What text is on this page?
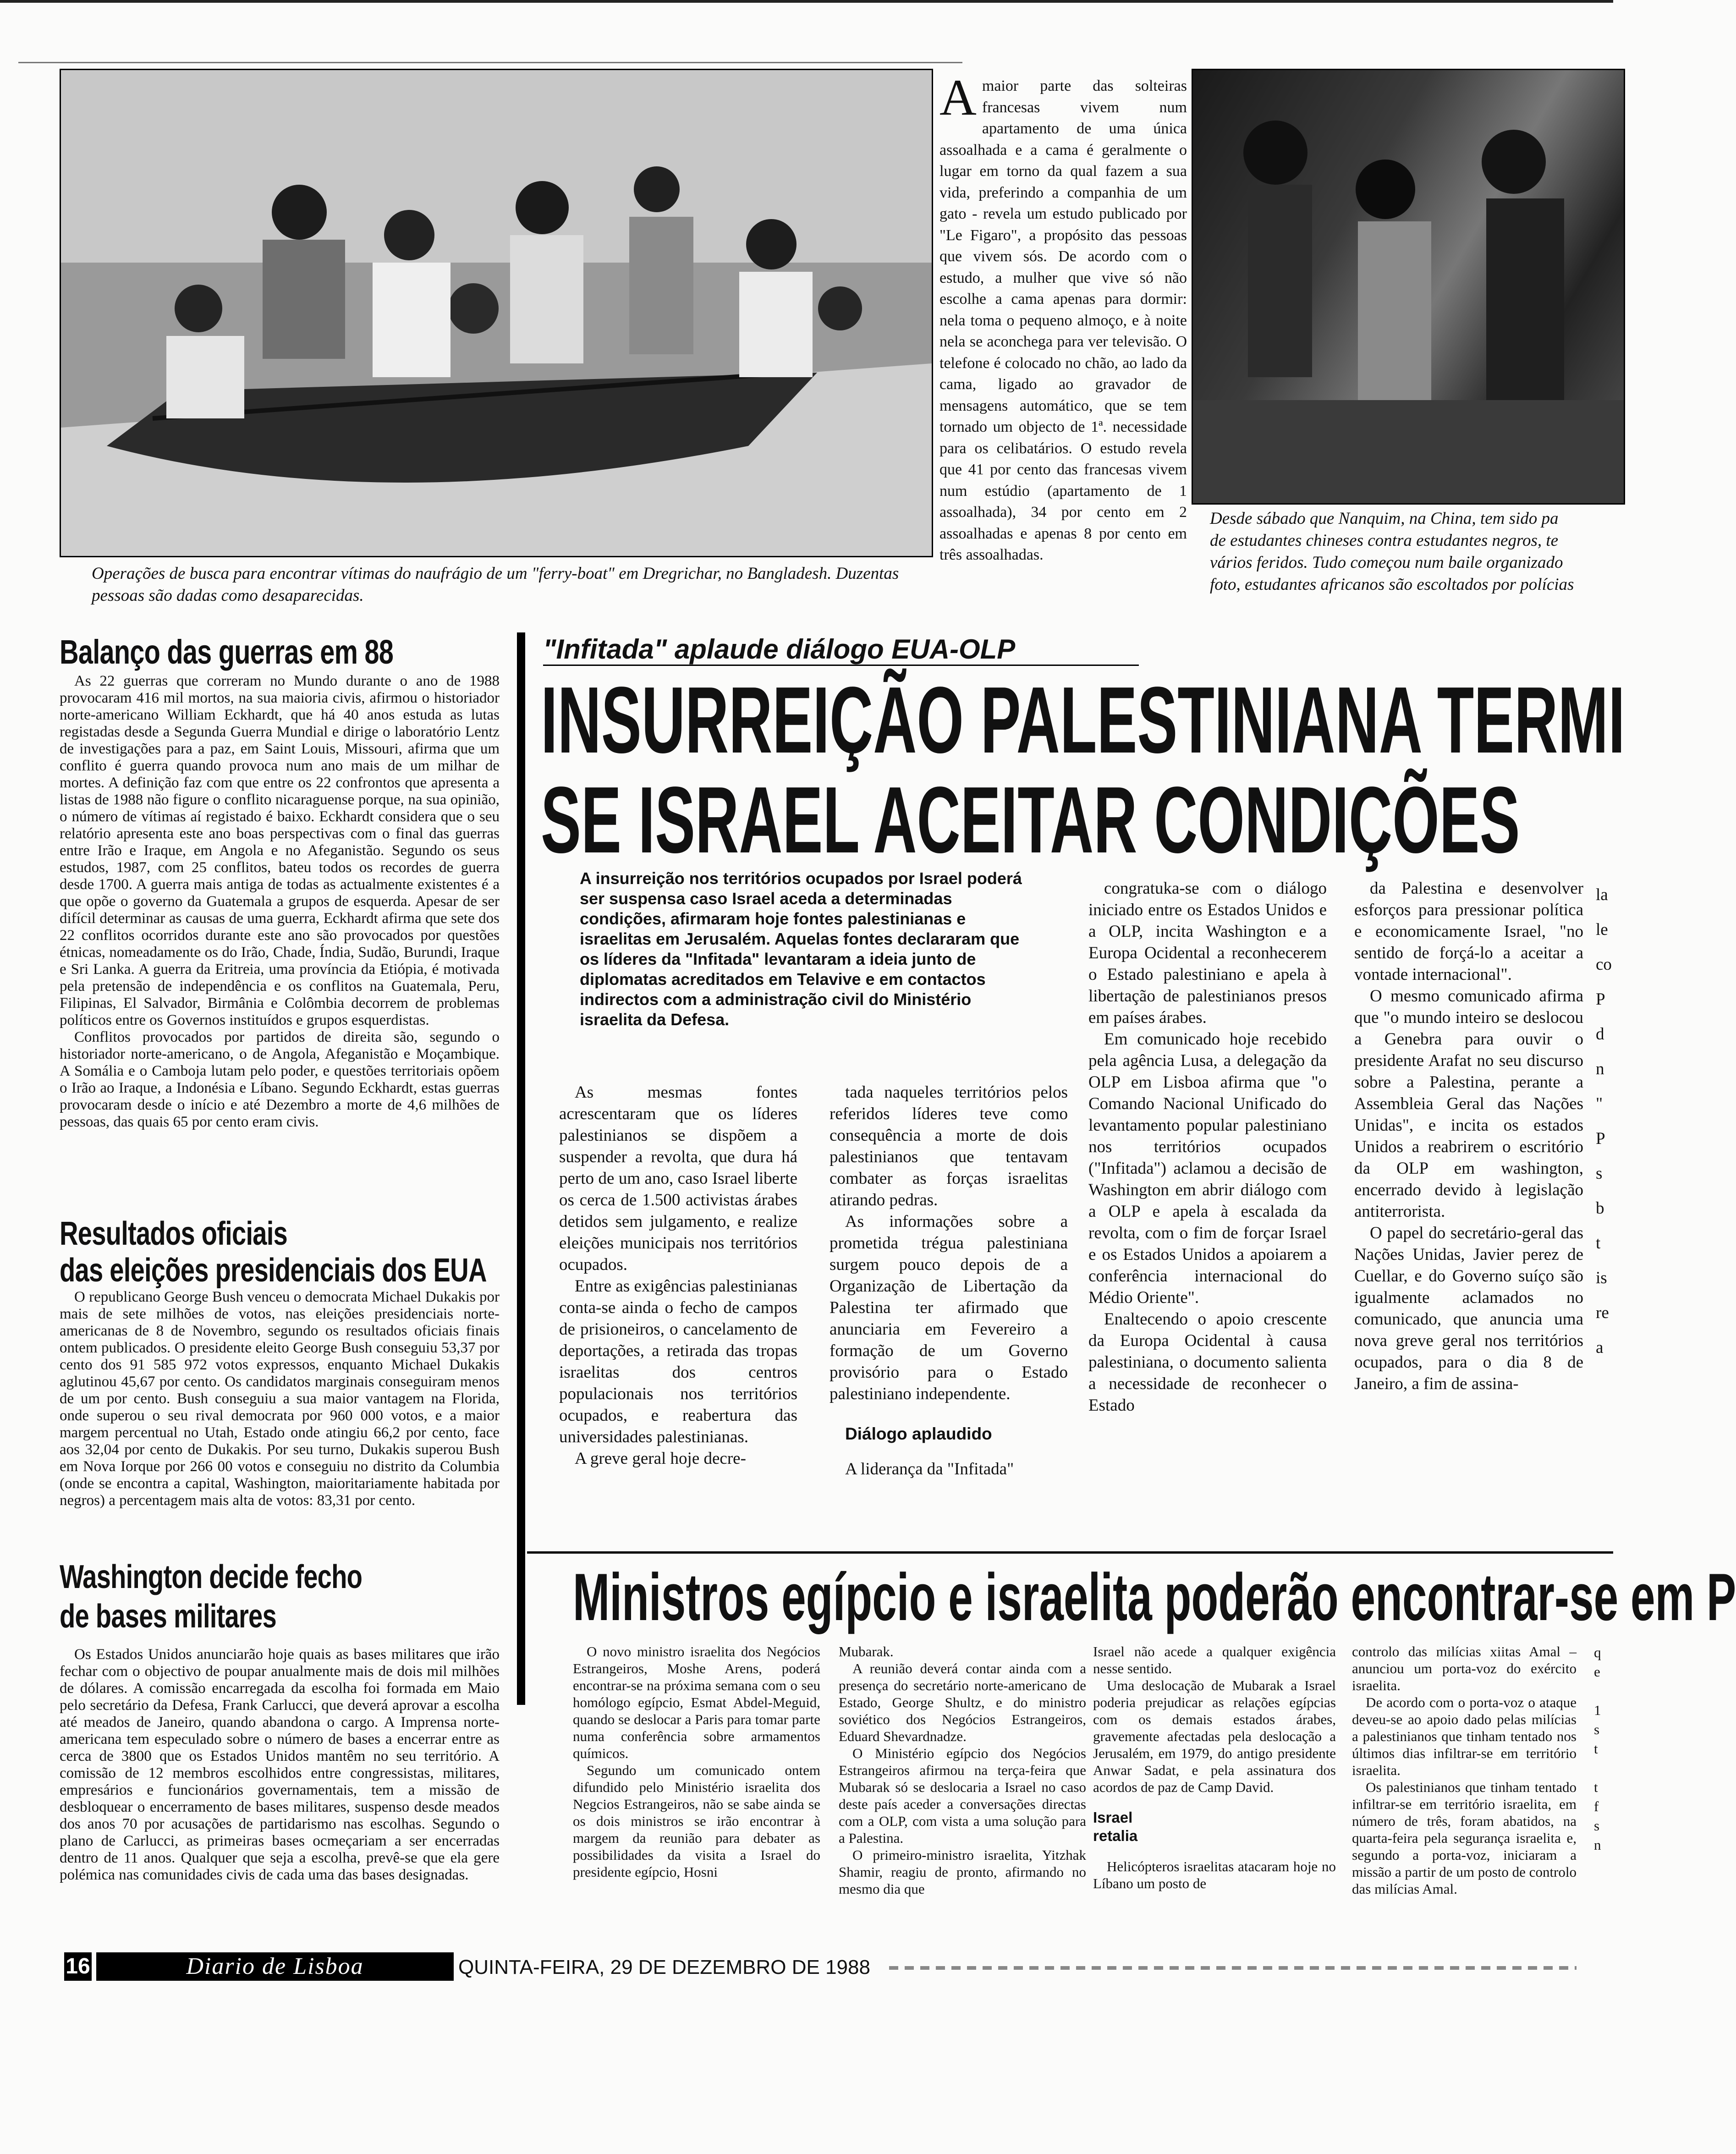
Operações de busca para encontrar vítimas do naufrágio de um "ferry-boat" em Dregrichar, no Bangladesh. Duzentas pessoas são dadas como desaparecidas.

Amaior parte das solteiras francesas vivem num apartamento de uma única assoalhada e a cama é geralmente o lugar em torno da qual fazem a sua vida, preferindo a companhia de um gato - revela um estudo publicado por "Le Figaro", a propósito das pessoas que vivem sós. De acordo com o estudo, a mulher que vive só não escolhe a cama apenas para dormir: nela toma o pequeno almoço, e à noite nela se aconchega para ver televisão. O telefone é colocado no chão, ao lado da cama, ligado ao gravador de mensagens automático, que se tem tornado um objecto de 1ª. necessidade para os celibatários. O estudo revela que 41 por cento das francesas vivem num estúdio (apartamento de 1 assoalhada), 34 por cento em 2 assoalhadas e apenas 8 por cento em três assoalhadas.
Desde sábado que Nanquim, na China, tem sido pa
de estudantes chineses contra estudantes negros, te
vários feridos. Tudo começou num baile organizado
foto, estudantes africanos são escoltados por polícias
Balanço das guerras em 88

As 22 guerras que correram no Mundo durante o ano de 1988 provocaram 416 mil mortos, na sua maioria civis, afirmou o historiador norte-americano William Eckhardt, que há 40 anos estuda as lutas registadas desde a Segunda Guerra Mundial e dirige o laboratório Lentz de investigações para a paz, em Saint Louis, Missouri, afirma que um conflito é guerra quando provoca num ano mais de um milhar de mortes. A definição faz com que entre os 22 confrontos que apresenta a listas de 1988 não figure o conflito nicaraguense porque, na sua opinião, o número de vítimas aí registado é baixo. Eckhardt considera que o seu relatório apresenta este ano boas perspectivas com o final das guerras entre Irão e Iraque, em Angola e no Afeganistão. Segundo os seus estudos, 1987, com 25 conflitos, bateu todos os recordes de guerra desde 1700. A guerra mais antiga de todas as actualmente existentes é a que opõe o governo da Guatemala a grupos de esquerda. Apesar de ser difícil determinar as causas de uma guerra, Eckhardt afirma que sete dos 22 conflitos ocorridos durante este ano são provocados por questões étnicas, nomeadamente os do Irão, Chade, Índia, Sudão, Burundi, Iraque e Sri Lanka. A guerra da Eritreia, uma província da Etiópia, é motivada pela pretensão de independência e os conflitos na Guatemala, Peru, Filipinas, El Salvador, Birmânia e Colômbia decorrem de problemas políticos entre os Governos instituídos e grupos esquerdistas.

Conflitos provocados por partidos de direita são, segundo o historiador norte-americano, o de Angola, Afeganistão e Moçambique. A Somália e o Camboja lutam pelo poder, e questões territoriais opõem o Irão ao Iraque, a Indonésia e Líbano. Segundo Eckhardt, estas guerras provocaram desde o início e até Dezembro a morte de 4,6 milhões de pessoas, das quais 65 por cento eram civis.

Resultados oficiais
das eleições presidenciais dos EUA

O republicano George Bush venceu o democrata Michael Dukakis por mais de sete milhões de votos, nas eleições presidenciais norte-americanas de 8 de Novembro, segundo os resultados oficiais finais ontem publicados. O presidente eleito George Bush conseguiu 53,37 por cento dos 91 585 972 votos expressos, enquanto Michael Dukakis aglutinou 45,67 por cento. Os candidatos marginais conseguiram menos de um por cento. Bush conseguiu a sua maior vantagem na Florida, onde superou o seu rival democrata por 960 000 votos, e a maior margem percentual no Utah, Estado onde atingiu 66,2 por cento, face aos 32,04 por cento de Dukakis. Por seu turno, Dukakis superou Bush em Nova Iorque por 266 00 votos e conseguiu no distrito da Columbia (onde se encontra a capital, Washington, maioritariamente habitada por negros) a percentagem mais alta de votos: 83,31 por cento.

Washington decide fecho
de bases militares

Os Estados Unidos anunciarão hoje quais as bases militares que irão fechar com o objectivo de poupar anualmente mais de dois mil milhões de dólares. A comissão encarregada da escolha foi formada em Maio pelo secretário da Defesa, Frank Carlucci, que deverá aprovar a escolha até meados de Janeiro, quando abandona o cargo. A Imprensa norte-americana tem especulado sobre o número de bases a encerrar entre as cerca de 3800 que os Estados Unidos mantêm no seu território. A comissão de 12 membros escolhidos entre congressistas, militares, empresários e funcionários governamentais, tem a missão de desbloquear o encerramento de bases militares, suspenso desde meados dos anos 70 por acusações de partidarismo nas escolhas. Segundo o plano de Carlucci, as primeiras bases ocmeçariam a ser encerradas dentro de 11 anos. Qualquer que seja a escolha, prevê-se que ela gere polémica nas comunidades civis de cada uma das bases designadas.

"Infitada" aplaude diálogo EUA-OLP
INSURREIÇÃO PALESTINIANA TERMI
SE ISRAEL ACEITAR CONDIÇÕES

A insurreição nos territórios ocupados por Israel poderá ser suspensa caso Israel aceda a determinadas condições, afirmaram hoje fontes palestinianas e israelitas em Jerusalém. Aquelas fontes declararam que os líderes da "Infitada" levantaram a ideia junto de diplomatas acreditados em Telavive e em contactos indirectos com a administração civil do Ministério israelita da Defesa.

As mesmas fontes acrescentaram que os líderes palestinianos se dispõem a suspender a revolta, que dura há perto de um ano, caso Israel liberte os cerca de 1.500 activistas árabes detidos sem julgamento, e realize eleições municipais nos territórios ocupados.

Entre as exigências palestinianas conta-se ainda o fecho de campos de prisioneiros, o cancelamento de deportações, a retirada das tropas israelitas dos centros populacionais nos territórios ocupados, e reabertura das universidades palestinianas.

A greve geral hoje decre-

tada naqueles territórios pelos referidos líderes teve como consequência a morte de dois palestinianos que tentavam combater as forças israelitas atirando pedras.

As informações sobre a prometida trégua palestiniana surgem pouco depois de a Organização de Libertação da Palestina ter afirmado que anunciaria em Fevereiro a formação de um Governo provisório para o Estado palestiniano independente.

Diálogo aplaudido

A liderança da "Infitada"

congratuka-se com o diálogo iniciado entre os Estados Unidos e a OLP, incita Washington e a Europa Ocidental a reconhecerem o Estado palestiniano e apela à libertação de palestinianos presos em países árabes.

Em comunicado hoje recebido pela agência Lusa, a delegação da OLP em Lisboa afirma que "o Comando Nacional Unificado do levantamento popular palestiniano nos territórios ocupados ("Infitada") aclamou a decisão de Washington em abrir diálogo com a OLP e apela à escalada da revolta, com o fim de forçar Israel e os Estados Unidos a apoiarem a conferência internacional do Médio Oriente".

Enaltecendo o apoio crescente da Europa Ocidental à causa palestiniana, o documento salienta a necessidade de reconhecer o Estado

da Palestina e desenvolver esforços para pressionar política e economicamente Israel, "no sentido de forçá-lo a aceitar a vontade internacional".

O mesmo comunicado afirma que "o mundo inteiro se deslocou a Genebra para ouvir o presidente Arafat no seu discurso sobre a Palestina, perante a Assembleia Geral das Nações Unidas", e incita os estados Unidos a reabrirem o escritório da OLP em washington, encerrado devido à legislação antiterrorista.

O papel do secretário-geral das Nações Unidas, Javier perez de Cuellar, e do Governo suíço são igualmente aclamados no comunicado, que anuncia uma nova greve geral nos territórios ocupados, para o dia 8 de Janeiro, a fim de assina-

la
le
co
P
d
n
"
P
s
b
t
is
re
a
Ministros egípcio e israelita poderão encontrar-se em P

O novo ministro israelita dos Negócios Estrangeiros, Moshe Arens, poderá encontrar-se na próxima semana com o seu homólogo egípcio, Esmat Abdel-Meguid, quando se deslocar a Paris para tomar parte numa conferência sobre armamentos químicos.

Segundo um comunicado ontem difundido pelo Ministério israelita dos Negcios Estrangeiros, não se sabe ainda se os dois ministros se irão encontrar à margem da reunião para debater as possibilidades da visita a Israel do presidente egípcio, Hosni

Mubarak.

A reunião deverá contar ainda com a presença do secretário norte-americano de Estado, George Shultz, e do ministro soviético dos Negócios Estrangeiros, Eduard Shevardnadze.

O Ministério egípcio dos Negócios Estrangeiros afirmou na terça-feira que Mubarak só se deslocaria a Israel no caso deste país aceder a conversações directas com a OLP, com vista a uma solução para a Palestina.

O primeiro-ministro israelita, Yitzhak Shamir, reagiu de pronto, afirmando no mesmo dia que

Israel não acede a qualquer exigência nesse sentido.

Uma deslocação de Mubarak a Israel poderia prejudicar as relações egípcias com os demais estados árabes, gravemente afectadas pela deslocação a Jerusalém, em 1979, do antigo presidente Anwar Sadat, e pela assinatura dos acordos de paz de Camp David.

Israel
retalia

Helicópteros israelitas atacaram hoje no Líbano um posto de

controlo das milícias xiitas Amal – anunciou um porta-voz do exército israelita.

De acordo com o porta-voz o ataque deveu-se ao apoio dado pelas milícias a palestinianos que tinham tentado nos últimos dias infiltrar-se em território israelita.

Os palestinianos que tinham tentado infiltrar-se em território israelita, em número de três, foram abatidos, na quarta-feira pela segurança israelita e, segundo a porta-voz, iniciaram a missão a partir de um posto de controlo das milícias Amal.

q
e

1
s
t

t
f
s
n
16	Diario de Lisboa	QUINTA-FEIRA, 29 DE DEZEMBRO DE 1988
